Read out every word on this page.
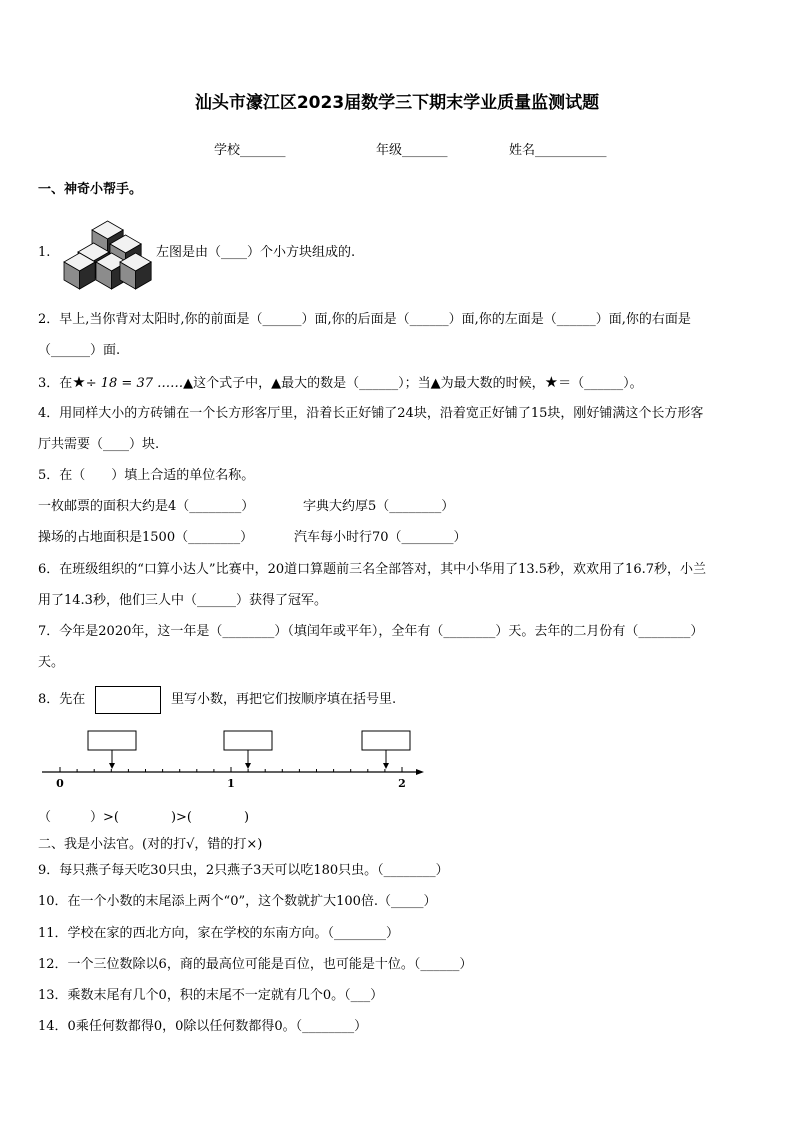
汕头市濠江区2023届数学三下期末学业质量监测试题
学校_______	年级_______	姓名___________
一、神奇小帮手。
1.	左图是由（____）个小方块组成的.
2．早上,当你背对太阳时,你的前面是（______）面,你的后面是（______）面,你的左面是（______）面,你的右面是
（______）面.
3．在★÷ 18 = 37 ……▲这个式子中，▲最大的数是（______）；当▲为最大数的时候，★＝（______）。
4．用同样大小的方砖铺在一个长方形客厅里，沿着长正好铺了24块，沿着宽正好铺了15块，刚好铺满这个长方形客
厅共需要（____）块.
5．在（　　）填上合适的单位名称。
一枚邮票的面积大约是4（________）	字典大约厚5（________）
操场的占地面积是1500（________）	汽车每小时行70（________）
6．在班级组织的“口算小达人”比赛中，20道口算题前三名全部答对，其中小华用了13.5秒，欢欢用了16.7秒，小兰
用了14.3秒，他们三人中（______）获得了冠军。
7．今年是2020年，这一年是（________）（填闰年或平年），全年有（________）天。去年的二月份有（________）
天。
8．先在	里写小数，再把它们按顺序填在括号里.
0	1	2
（　　　）>(　　　　)>(　　　　)
二、我是小法官。(对的打√，错的打×)
9．每只燕子每天吃30只虫，2只燕子3天可以吃180只虫。（________）
10．在一个小数的末尾添上两个“0”，这个数就扩大100倍.（_____）
11．学校在家的西北方向，家在学校的东南方向。（________）
12．一个三位数除以6，商的最高位可能是百位，也可能是十位。（______）
13．乘数末尾有几个0，积的末尾不一定就有几个0。（___）
14．0乘任何数都得0，0除以任何数都得0。（________）
